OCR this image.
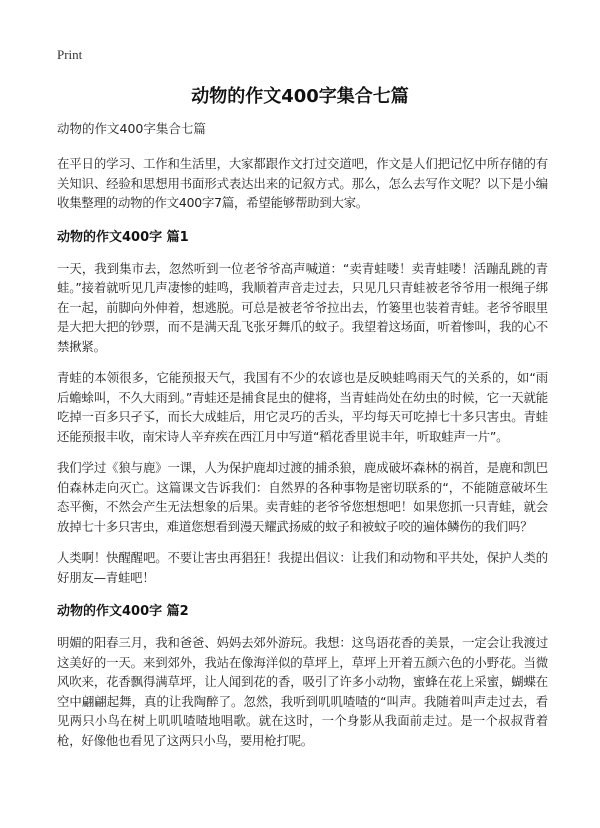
Print
动物的作文400字集合七篇
动物的作文400字集合七篇

在平日的学习、工作和生活里，大家都跟作文打过交道吧，作文是人们把记忆中所存储的有关知识、经验和思想用书面形式表达出来的记叙方式。那么，怎么去写作文呢？以下是小编收集整理的动物的作文400字7篇，希望能够帮助到大家。

动物的作文400字 篇1

一天，我到集市去，忽然听到一位老爷爷高声喊道：“卖青蛙喽！卖青蛙喽！活蹦乱跳的青蛙。”接着就听见几声凄惨的蛙鸣，我顺着声音走过去，只见几只青蛙被老爷爷用一根绳子绑在一起，前脚向外伸着，想逃脱。可总是被老爷爷拉出去，竹篓里也装着青蛙。老爷爷眼里是大把大把的钞票，而不是满天乱飞张牙舞爪的蚊子。我望着这场面，听着惨叫，我的心不禁揪紧。

青蛙的本领很多，它能预报天气，我国有不少的农谚也是反映蛙鸣雨天气的关系的，如“雨后蟾蜍叫，不久大雨到。”青蛙还是捕食昆虫的健将，当青蛙尚处在幼虫的时候，它一天就能吃掉一百多只孑孓，而长大成蛙后，用它灵巧的舌头，平均每天可吃掉七十多只害虫。青蛙还能预报丰收，南宋诗人辛弃疾在西江月中写道“稻花香里说丰年，听取蛙声一片”。

我们学过《狼与鹿》一课，人为保护鹿却过渡的捕杀狼，鹿成破坏森林的祸首，是鹿和凯巴伯森林走向灭亡。这篇课文告诉我们：自然界的各种事物是密切联系的“，不能随意破坏生态平衡，不然会产生无法想象的后果。卖青蛙的老爷爷您想想吧！如果您抓一只青蛙，就会放掉七十多只害虫，难道您想看到漫天耀武扬威的蚊子和被蚊子咬的遍体鳞伤的我们吗？

人类啊！快醒醒吧。不要让害虫再猖狂！我提出倡议：让我们和动物和平共处，保护人类的好朋友—青蛙吧！

动物的作文400字 篇2

明媚的阳春三月，我和爸爸、妈妈去郊外游玩。我想：这鸟语花香的美景，一定会让我渡过这美好的一天。来到郊外，我站在像海洋似的草坪上，草坪上开着五颜六色的小野花。当微风吹来，花香飘得满草坪，让人闻到花的香，吸引了许多小动物，蜜蜂在花上采蜜，蝴蝶在空中翩翩起舞，真的让我陶醉了。忽然，我听到叽叽喳喳的“叫声。我随着叫声走过去，看见两只小鸟在树上叽叽喳喳地唱歌。就在这时，一个身影从我面前走过。是一个叔叔背着枪，好像他也看见了这两只小鸟，要用枪打呢。
